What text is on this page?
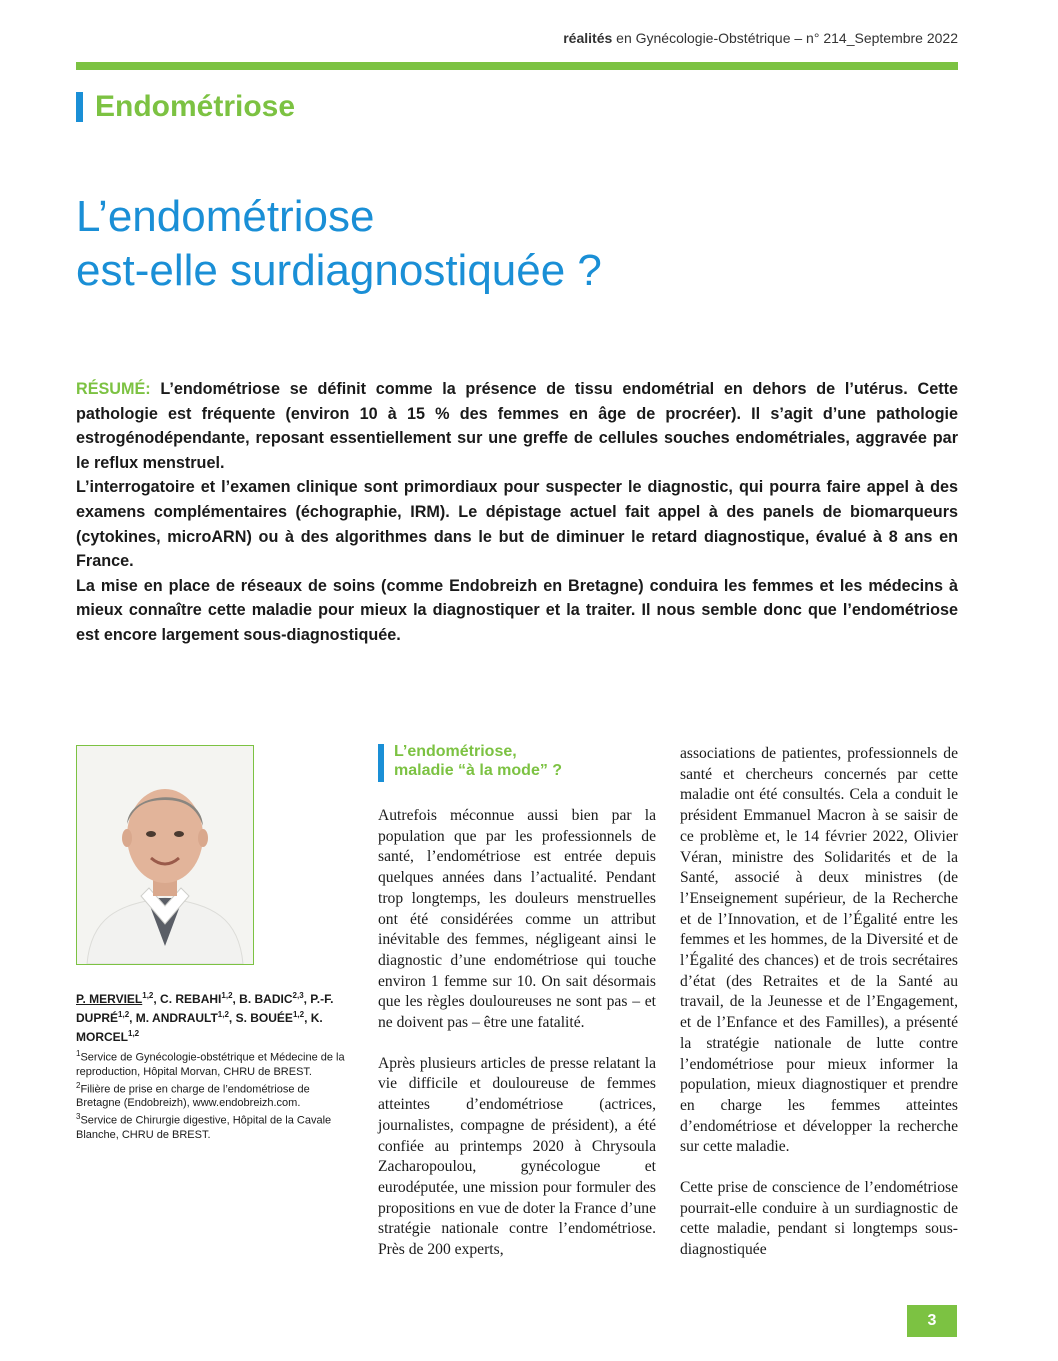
réalités en Gynécologie-Obstétrique – n° 214_Septembre 2022
Endométriose
L’endométriose
est-elle surdiagnostiquée ?

RÉSUMÉ: L’endométriose se définit comme la présence de tissu endométrial en dehors de l’utérus. Cette pathologie est fréquente (environ 10 à 15 % des femmes en âge de procréer). Il s’agit d’une pathologie estrogénodépendante, reposant essentiellement sur une greffe de cellules souches endométriales, aggravée par le reflux menstruel.

L’interrogatoire et l’examen clinique sont primordiaux pour suspecter le diagnostic, qui pourra faire appel à des examens complémentaires (échographie, IRM). Le dépistage actuel fait appel à des panels de biomarqueurs (cytokines, microARN) ou à des algorithmes dans le but de diminuer le retard diagnostique, évalué à 8 ans en France.

La mise en place de réseaux de soins (comme Endobreizh en Bretagne) conduira les femmes et les médecins à mieux connaître cette maladie pour mieux la diagnostiquer et la traiter. Il nous semble donc que l’endométriose est encore largement sous-diagnostiquée.

P. MERVIEL$^{1,2}$, C. REBAHI$^{1,2}$, B. BADIC$^{2,3}$, P.-F. DUPRÉ$^{1,2}$, M. ANDRAULT$^{1,2}$, S. BOUÉE$^{1,2}$, K. MORCEL$^{1,2}$
$^1$Service de Gynécologie-obstétrique et Médecine de la reproduction, Hôpital Morvan, CHRU de BREST.
$^2$Filière de prise en charge de l’endométriose de Bretagne (Endobreizh), www.endobreizh.com.
$^3$Service de Chirurgie digestive, Hôpital de la Cavale Blanche, CHRU de BREST.
L’endométriose,
maladie “à la mode” ?

Autrefois méconnue aussi bien par la population que par les professionnels de santé, l’endométriose est entrée depuis quelques années dans l’actualité. Pendant trop longtemps, les douleurs menstruelles ont été considérées comme un attribut inévitable des femmes, négligeant ainsi le diagnostic d’une endométriose qui touche environ 1 femme sur 10. On sait désormais que les règles douloureuses ne sont pas – et ne doivent pas – être une fatalité.

Après plusieurs articles de presse relatant la vie difficile et douloureuse de femmes atteintes d’endométriose (actrices, journalistes, compagne de président), a été confiée au printemps 2020 à Chrysoula Zacharopoulou, gynécologue et eurodéputée, une mission pour formuler des propositions en vue de doter la France d’une stratégie nationale contre l’endométriose. Près de 200 experts,

associations de patientes, professionnels de santé et chercheurs concernés par cette maladie ont été consultés. Cela a conduit le président Emmanuel Macron à se saisir de ce problème et, le 14 février 2022, Olivier Véran, ministre des Solidarités et de la Santé, associé à deux ministres (de l’Enseignement supérieur, de la Recherche et de l’Innovation, et de l’Égalité entre les femmes et les hommes, de la Diversité et de l’Égalité des chances) et de trois secrétaires d’état (des Retraites et de la Santé au travail, de la Jeunesse et de l’Engagement, et de l’Enfance et des Familles), a présenté la stratégie nationale de lutte contre l’endométriose pour mieux informer la population, mieux diagnostiquer et prendre en charge les femmes atteintes d’endométriose et développer la recherche sur cette maladie.

Cette prise de conscience de l’endométriose pourrait-elle conduire à un surdiagnostic de cette maladie, pendant si longtemps sous-diagnostiquée

3
